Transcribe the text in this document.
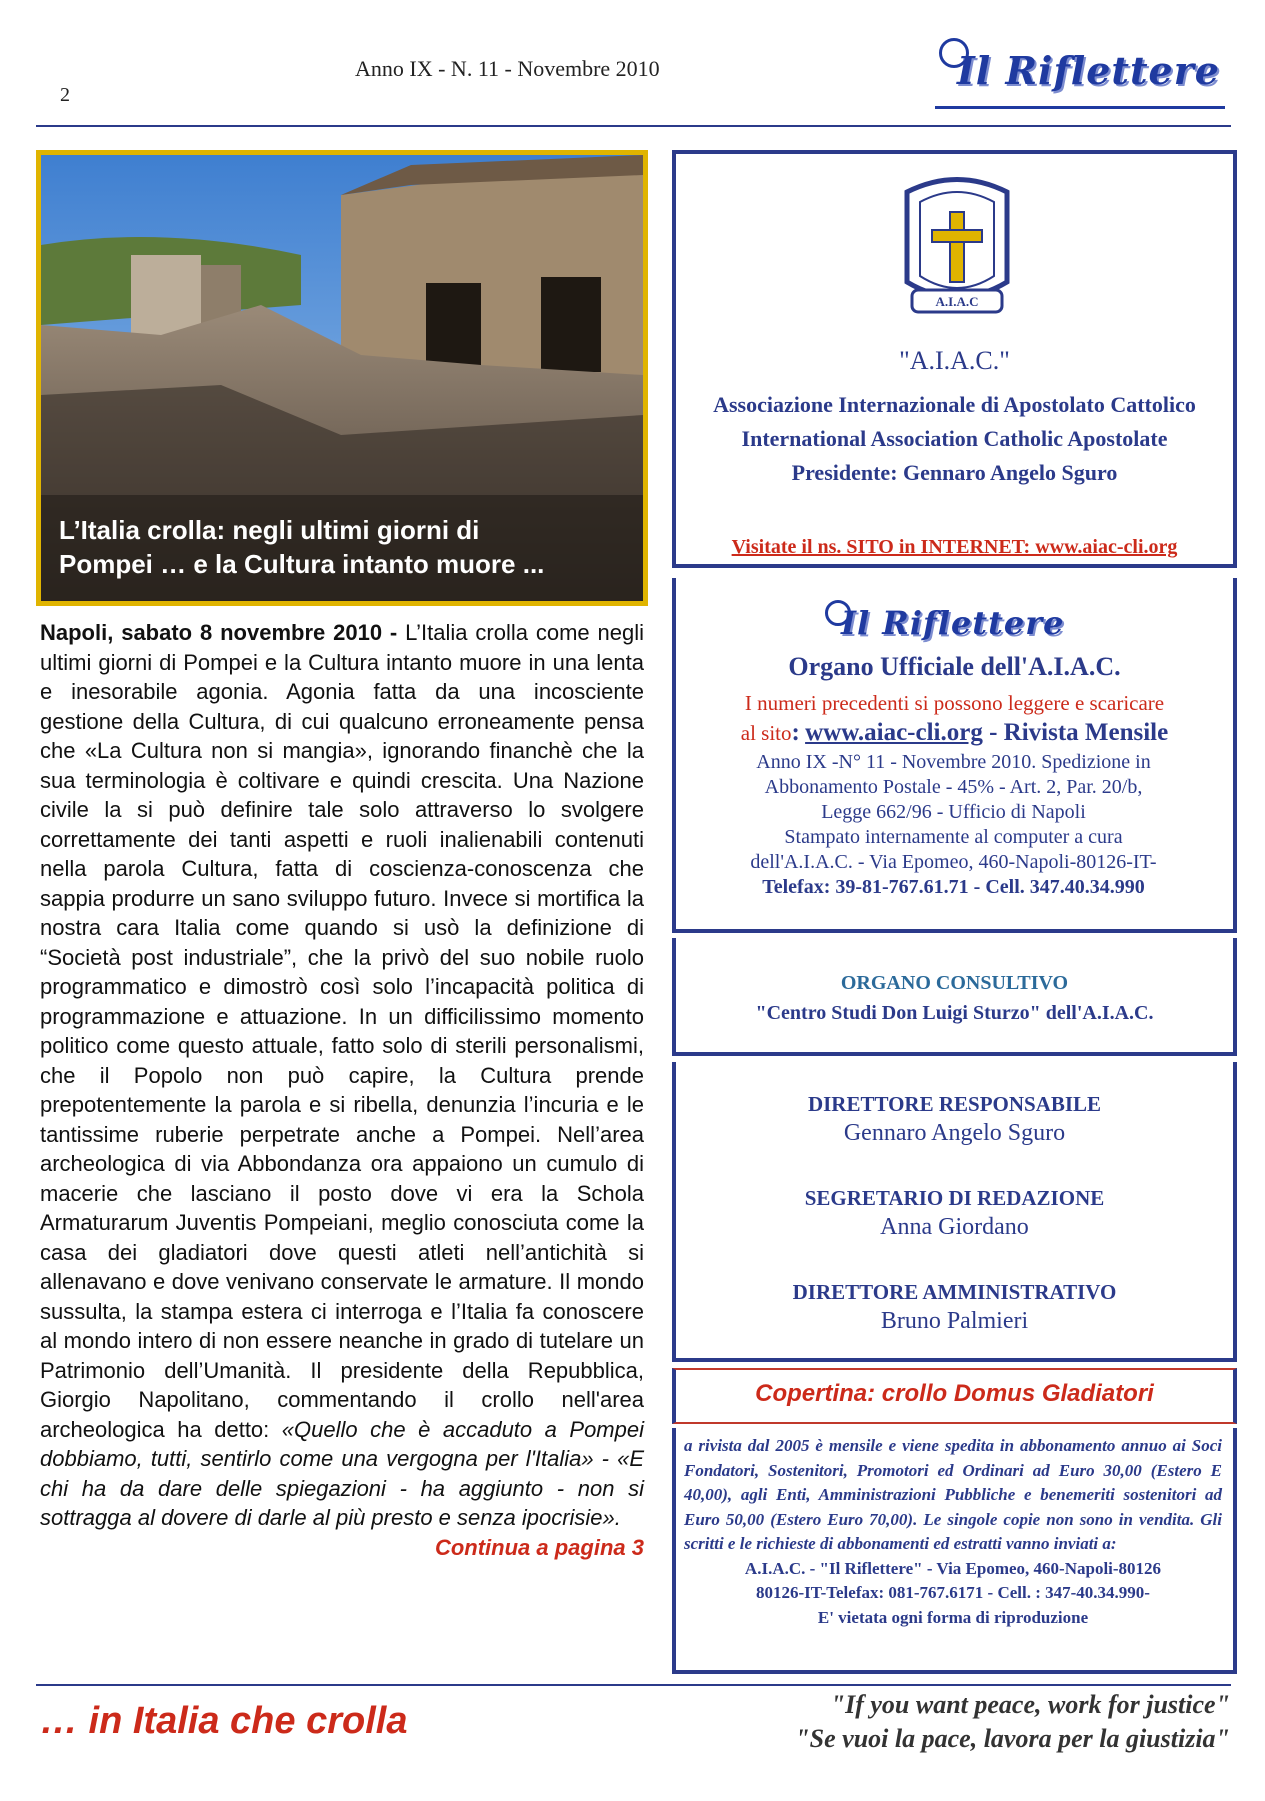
2
Anno IX - N. 11 - Novembre 2010	Il Riflettere
L’Italia crolla: negli ultimi giorni di
Pompei … e la Cultura intanto muore ...
Napoli, sabato 8 novembre 2010 - L’Italia crolla come negli ultimi giorni di Pompei e la Cultura intanto muore in una lenta e inesorabile agonia. Agonia fatta da una incosciente gestione della Cultura, di cui qualcuno erroneamente pensa che «La Cultura non si mangia», ignorando financhè che la sua terminologia è coltivare e quindi crescita. Una Nazione civile la si può definire tale solo attraverso lo svolgere correttamente dei tanti aspetti e ruoli inalienabili contenuti nella parola Cultura, fatta di coscienza-conoscenza che sappia produrre un sano sviluppo futuro. Invece si mortifica la nostra cara Italia come quando si usò la definizione di “Società post industriale”, che la privò del suo nobile ruolo programmatico e dimostrò così solo l’incapacità politica di programmazione e attuazione. In un difficilissimo momento politico come questo attuale, fatto solo di sterili personalismi, che il Popolo non può capire, la Cultura prende prepotentemente la parola e si ribella, denunzia l’incuria e le tantissime ruberie perpetrate anche a Pompei. Nell’area archeologica di via Abbondanza ora appaiono un cumulo di macerie che lasciano il posto dove vi era la Schola Armaturarum Juventis Pompeiani, meglio conosciuta come la casa dei gladiatori dove questi atleti nell’antichità si allenavano e dove venivano conservate le armature. Il mondo sussulta, la stampa estera ci interroga e l’Italia fa conoscere al mondo intero di non essere neanche in grado di tutelare un Patrimonio dell’Umanità. Il presidente della Repubblica, Giorgio Napolitano, commentando il crollo nell'area archeologica ha detto: «Quello che è accaduto a Pompei dobbiamo, tutti, sentirlo come una vergogna per l'Italia» - «E chi ha da dare delle spiegazioni - ha aggiunto - non si sottragga al dovere di darle al più presto e senza ipocrisie».
Continua a pagina 3
A.I.A.C
"A.I.A.C."
Associazione Internazionale di Apostolato Cattolico
International Association Catholic Apostolate
Presidente: Gennaro Angelo Sguro
Visitate il ns. SITO in INTERNET: www.aiac-cli.org
Il Riflettere
Organo Ufficiale dell'A.I.A.C.
I numeri precedenti si possono leggere e scaricare
al sito: www.aiac-cli.org - Rivista Mensile
Anno IX -N° 11 - Novembre 2010. Spedizione in
Abbonamento Postale - 45% - Art. 2, Par. 20/b,
Legge 662/96 - Ufficio di Napoli
Stampato internamente al computer a cura
dell'A.I.A.C. - Via Epomeo, 460-Napoli-80126-IT-
Telefax: 39-81-767.61.71 - Cell. 347.40.34.990
ORGANO CONSULTIVO
"Centro Studi Don Luigi Sturzo" dell'A.I.A.C.
DIRETTORE RESPONSABILE
Gennaro Angelo Sguro
SEGRETARIO DI REDAZIONE
Anna Giordano
DIRETTORE AMMINISTRATIVO
Bruno Palmieri
Copertina: crollo Domus Gladiatori
a rivista dal 2005 è mensile e viene spedita in abbonamento annuo ai Soci Fondatori, Sostenitori, Promotori ed Ordinari ad Euro 30,00 (Estero E 40,00), agli Enti, Amministrazioni Pubbliche e benemeriti sostenitori ad Euro 50,00 (Estero Euro 70,00). Le singole copie non sono in vendita. Gli scritti e le richieste di abbonamenti ed estratti vanno inviati a:
A.I.A.C. - "Il Riflettere" - Via Epomeo, 460-Napoli-80126
80126-IT-Telefax: 081-767.6171 - Cell. : 347-40.34.990-
E' vietata ogni forma di riproduzione
… in Italia che crolla	"If you want peace, work for justice"
"Se vuoi la pace, lavora per la giustizia"
